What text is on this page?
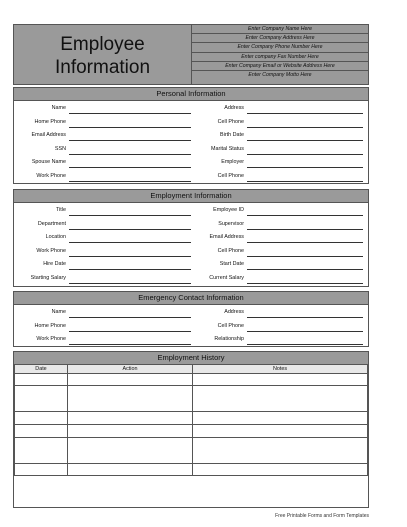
Employee
Information
Enter Company Name Here
Enter Company Address Here
Enter Company Phone Number Here
Enter company Fax Number Here
Enter Company Email or Website Address Here
Enter Company Motto Here
Personal Information
Name	Address
Home Phone	Cell Phone
Email Address	Birth Date
SSN	Marital Status
Spouse Name	Employer
Work Phone	Cell Phone
Employment Information
Title	Employee ID
Department	Supervisor
Location	Email Address
Work Phone	Cell Phone
Hire Date	Start Date
Starting Salary	Current Salary
Emergency Contact Information
Name	Address
Home Phone	Cell Phone
Work Phone	Relationship
Employment History
Date	Action	Notes

Free Printable Forms and Form Templates
